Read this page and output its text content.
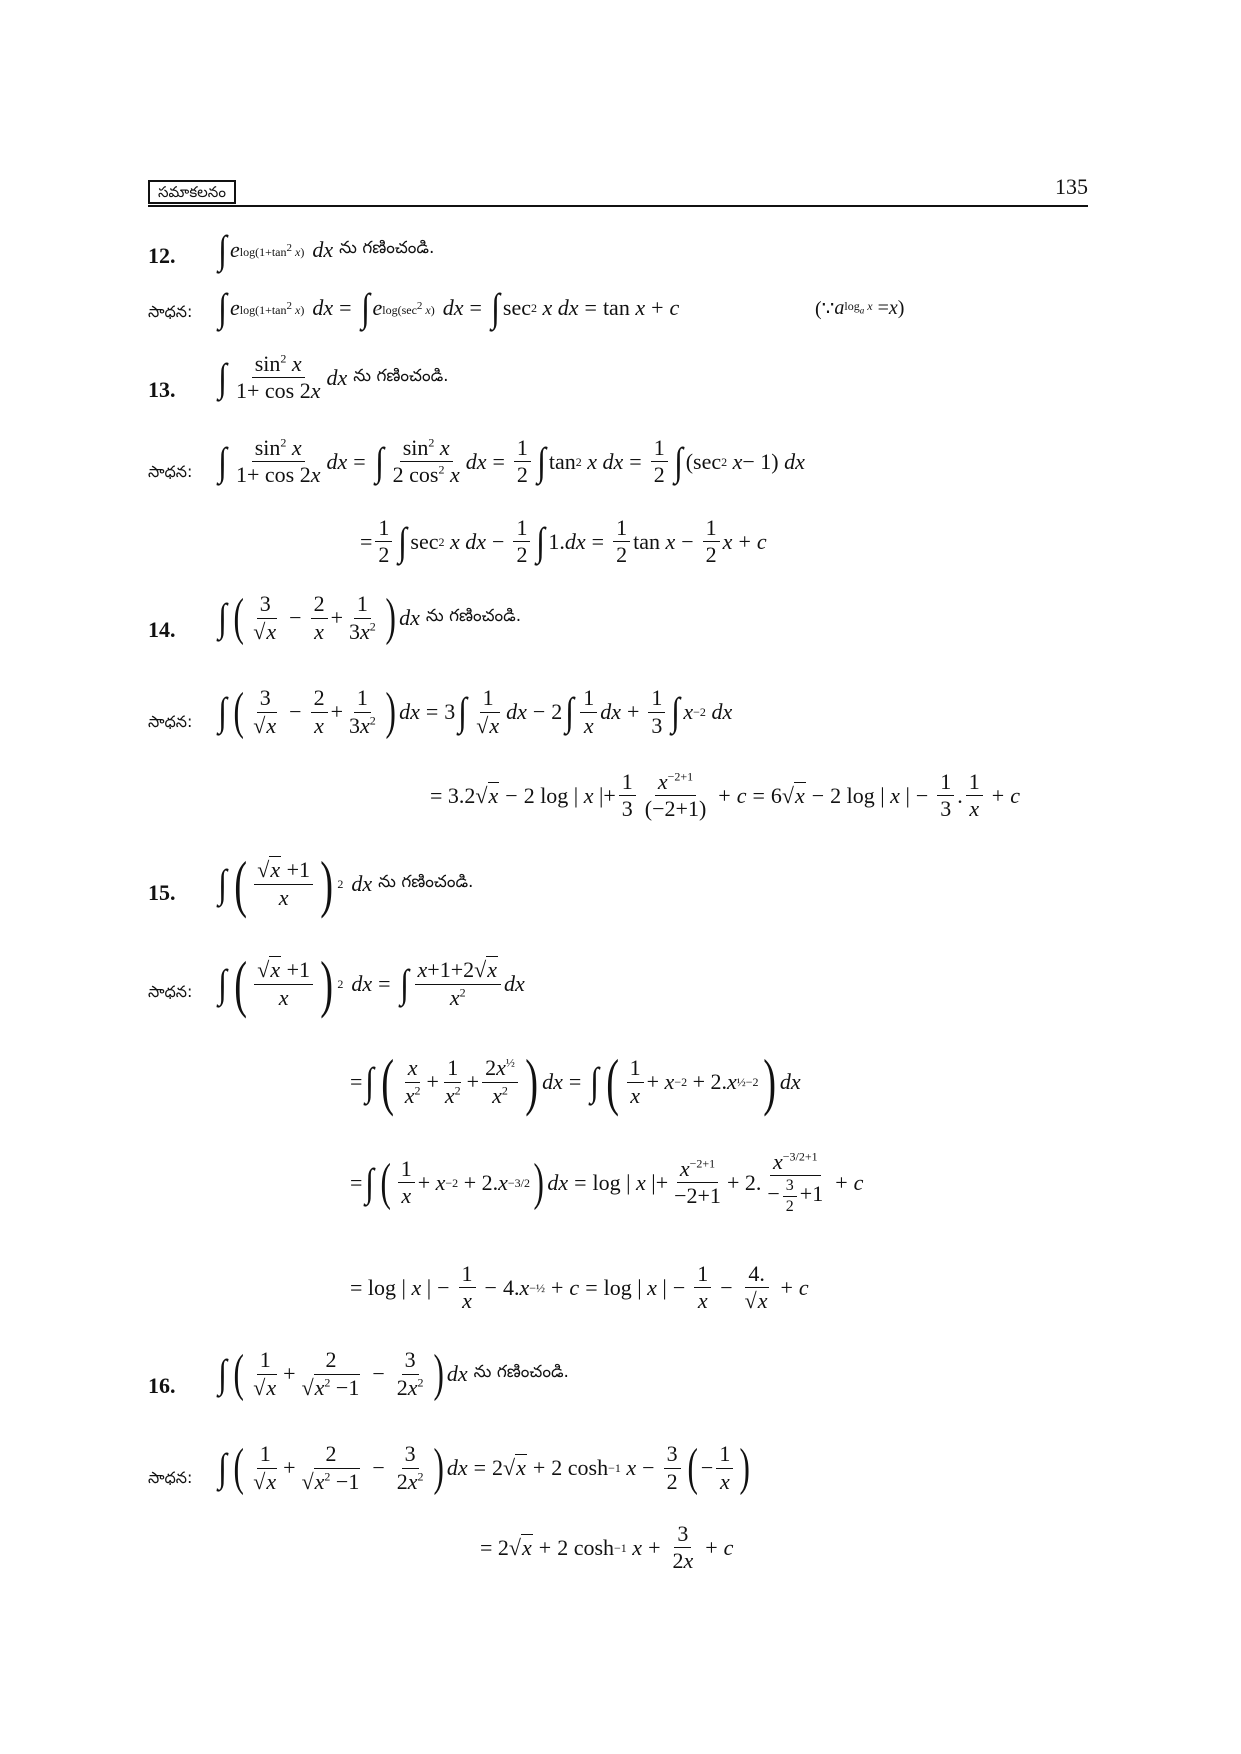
సమాకలనం	135
12. ∫ e $\log(1+\tan^2$ x) dx ను గణించండి.
సాధన: ∫ e $\log(1+\tan^2$ x) dx = ∫ e $\log(\sec^2$ x) dx = ∫ sec 2
x dx = tan x + c	(∵ a $\log_a x = x$ )
13. ∫ $\frac{\sin^2 x}{1+ \cos 2x}$ dx ను గణించండి.
సాధన: ∫ $\frac{\sin^2 x}{1+ \cos 2x}$ dx = ∫ $\frac{\sin^2 x}{2 \cos^2 x}$ dx = $\frac{1}{2}$ ∫ tan 2
x dx = $\frac{1}{2}$ ∫ (sec 2
x − 1) dx
= $\frac{1}{2}$ ∫ sec 2
x dx − $\frac{1}{2}$ ∫ 1. dx = $\frac{1}{2}$ $\tan x - \frac{1}{2}$ x + c
14. ∫ ( $\frac{3}{√x} - \frac{2}{x} + \frac{1}{3x^2}$ ) dx ను గణించండి.
సాధన: ∫ ( $\frac{3}{√x} - \frac{2}{x} + \frac{1}{3x^2}$ ) dx = 3 ∫ $\frac{1}{√x}$ dx − 2 ∫ $\frac{1}{x}$ dx + $\frac{1}{3}$ ∫ x −2
dx
= 3.2 √x − 2 log | x |+ $\frac{1}{3} \frac{x^{-2+1}}{(-2+1)} + c = 6$ √x − 2 log | x | − $\frac{1}{3}$ . $\frac{1}{x} + c$
15. ∫ ( $\frac{√x +1}{x}$ ) 2 dx ను గణించండి.
సాధన: ∫ ( $\frac{√x +1}{x}$ ) 2 dx = ∫ $\frac{x+1+2√x}{x^2}$ dx
= ∫ ( $\frac{x}{x^2} + \frac{1}{x^2} + \frac{2x^{\frac{1}{2}}}{x^2}$ ) dx = ∫ ( $\frac{1}{x} + x -2 + 2$. x ½−2 ) dx
= ∫ ( $\frac{1}{x} + x -2 + 2$. x −3/2 ) dx = log | x |+ $\frac{x^{-2+1}}{-2+1} + 2$. $\frac{x^{-3/2+1}}{- \frac{3}{2} +1} + c$
= log | x | − $\frac{1}{x} - 4$. x −½ + c = log | x | − $\frac{1}{x} - \frac{4.}{√x} + c$
16. ∫ ( $\frac{1}{√x} + \frac{2}{√x^2 -1} - \frac{3}{2x^2}$ ) dx ను గణించండి.
సాధన: ∫ ( $\frac{1}{√x} + \frac{2}{√x^2 -1} - \frac{3}{2x^2}$ ) dx = 2 √x + 2 cosh −1
$x - \frac{3}{2}$ ( − $\frac{1}{x}$ )
= 2 √x + 2 cosh −1
$x + \frac{3}{2x} + c$
